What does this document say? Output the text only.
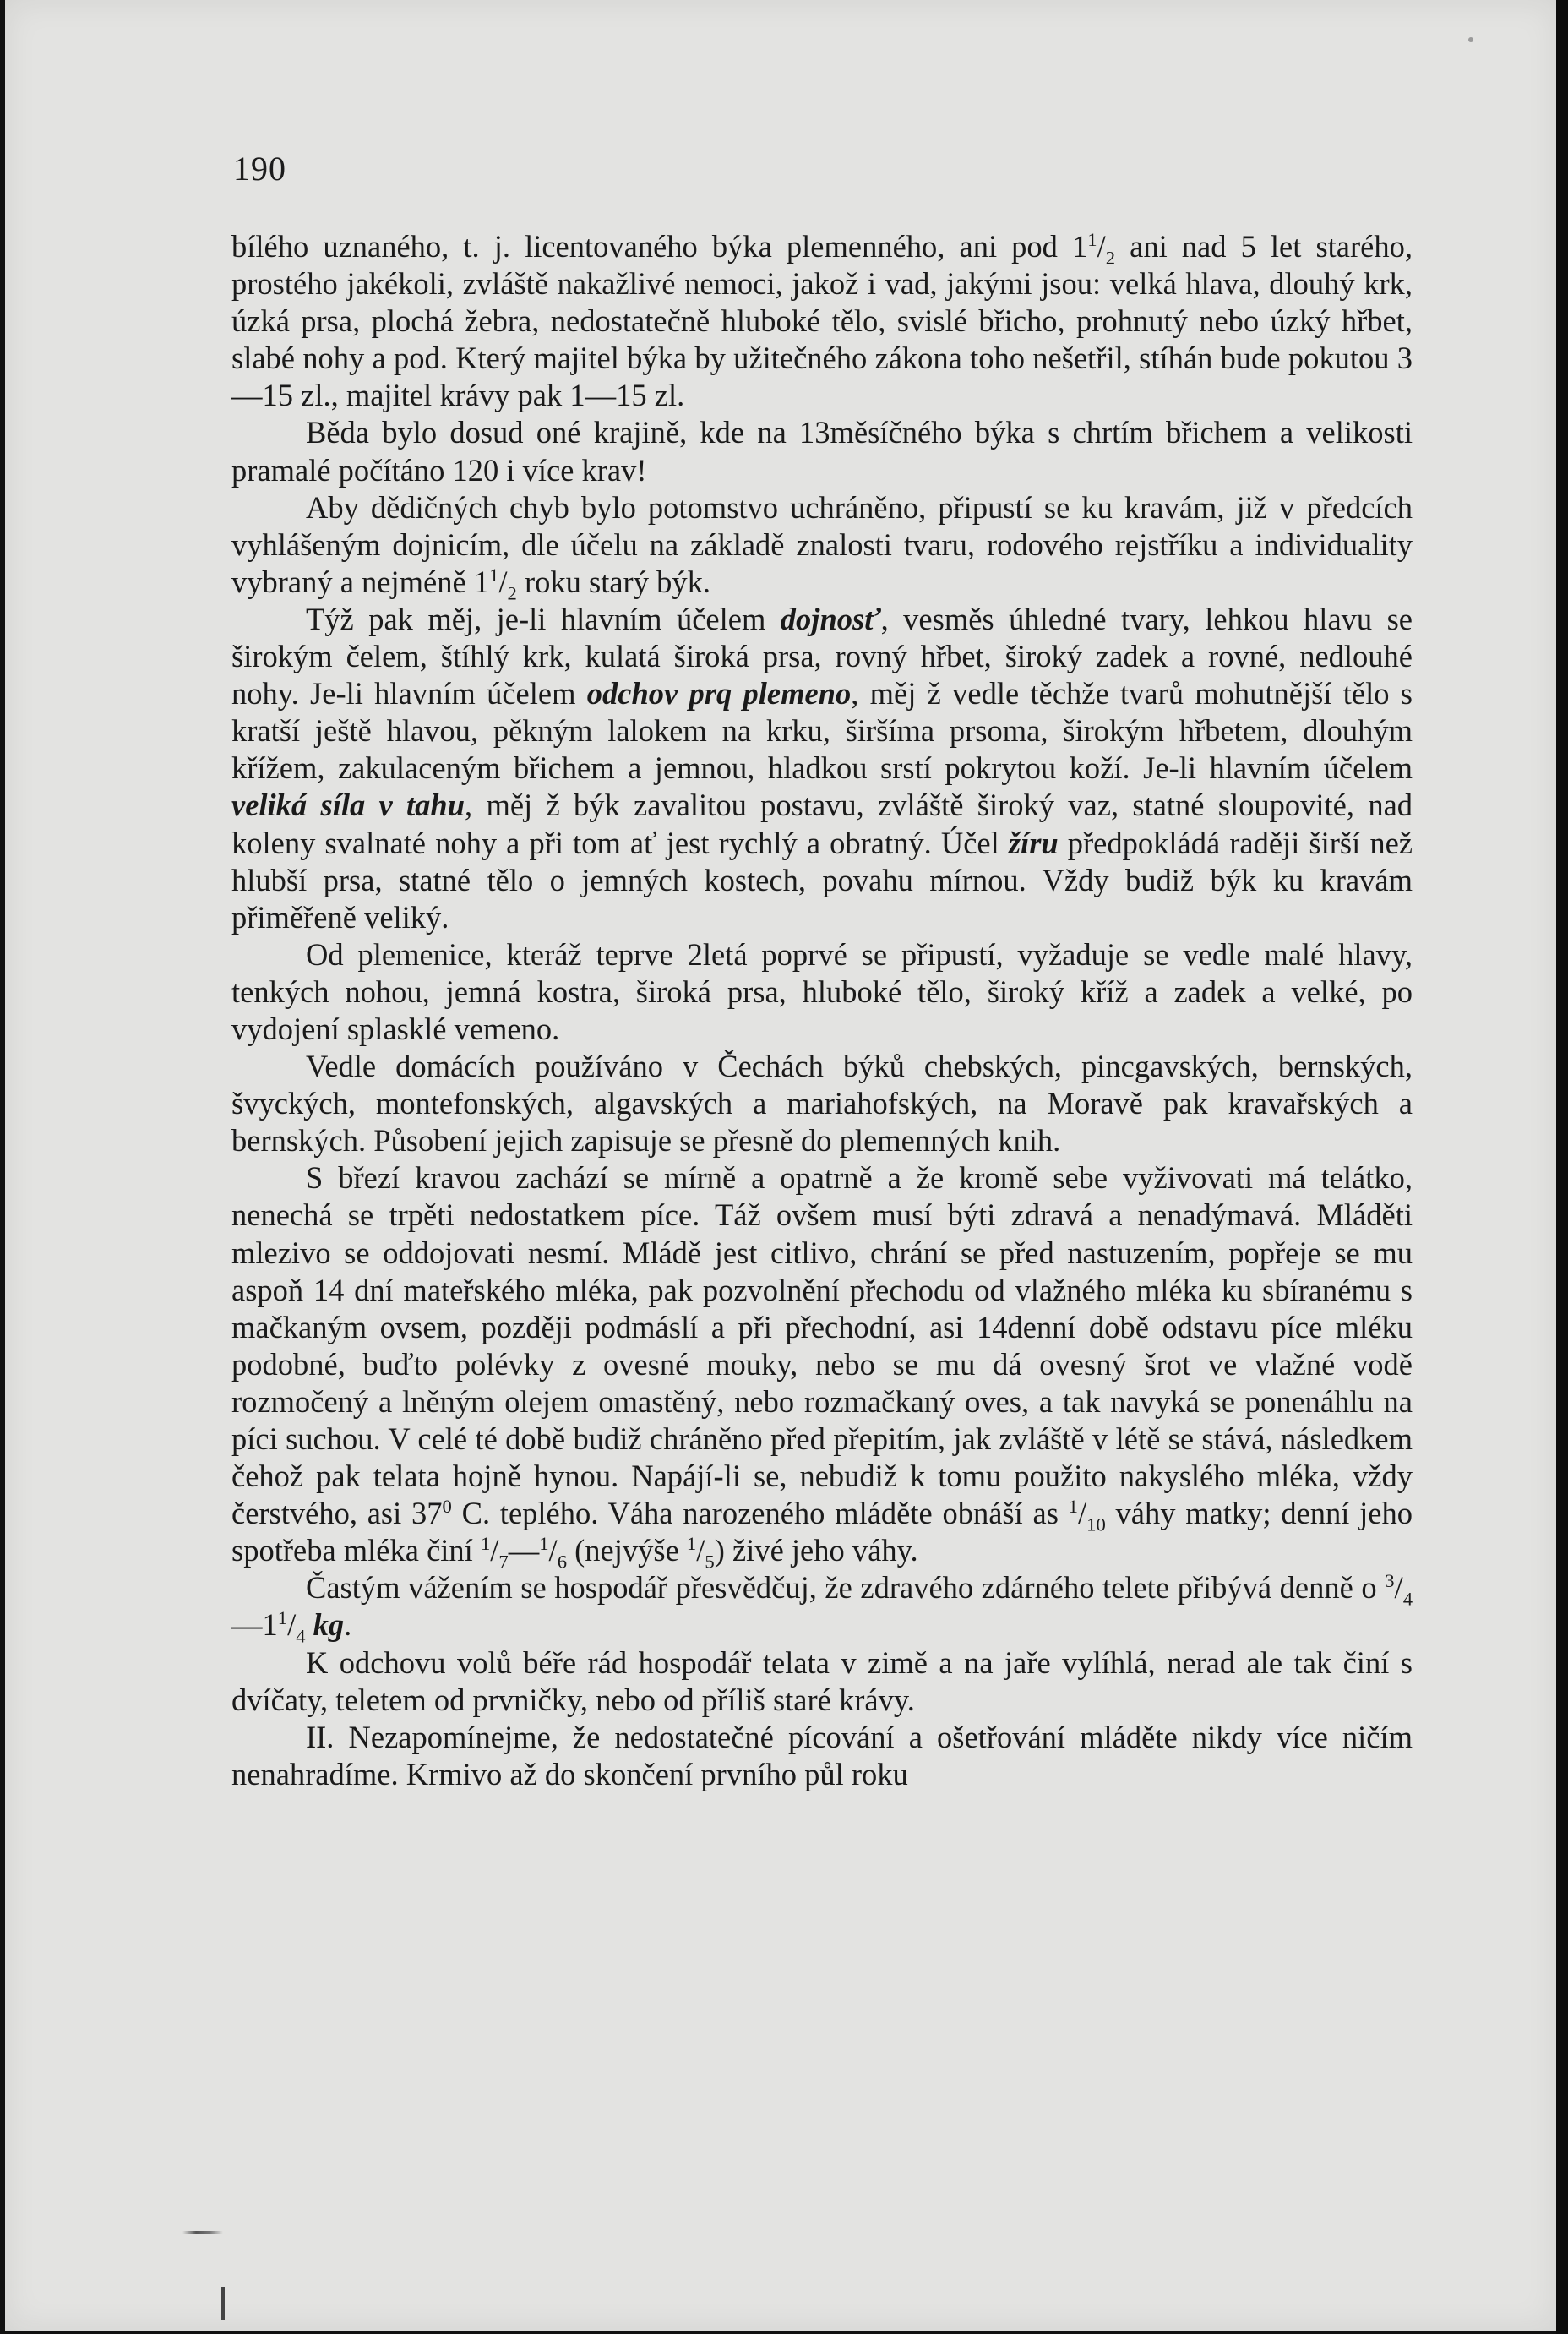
190

bílého uznaného, t. j. licentovaného býka plemenného, ani pod $1^1/_2$ ani nad 5 let starého, prostého jakékoli, zvláště nakažlivé nemoci, jakož i vad, jakými jsou: velká hlava, dlouhý krk, úzká prsa, plochá žebra, nedostatečně hluboké tělo, svislé břicho, prohnutý nebo úzký hřbet, slabé nohy a pod. Který majitel býka by užitečného zákona toho nešetřil, stíhán bude pokutou 3—15 zl., majitel krávy pak 1—15 zl.

Běda bylo dosud oné krajině, kde na 13měsíčného býka s chrtím břichem a velikosti pramalé počítáno 120 i více krav!

Aby dědičných chyb bylo potomstvo uchráněno, připustí se ku kravám, již v předcích vyhlášeným dojnicím, dle účelu na základě znalosti tvaru, rodového rejstříku a individuality vybraný a nejméně $1^1/_2$ roku starý býk.

Týž pak měj, je-li hlavním účelem dojnosť, vesměs úhledné tvary, lehkou hlavu se širokým čelem, štíhlý krk, kulatá široká prsa, rovný hřbet, široký zadek a rovné, nedlouhé nohy. Je-li hlavním účelem odchov prq plemeno, měj ž vedle těchže tvarů mohutnější tělo s kratší ještě hlavou, pěkným lalokem na krku, širšíma prsoma, širokým hřbetem, dlouhým křížem, zakulaceným břichem a jemnou, hladkou srstí pokrytou koží. Je-li hlavním účelem veliká síla v tahu, měj ž býk zavalitou postavu, zvláště široký vaz, statné sloupovité, nad koleny svalnaté nohy a při tom ať jest rychlý a obratný. Účel žíru předpokládá raději širší než hlubší prsa, statné tělo o jemných kostech, povahu mírnou. Vždy budiž býk ku kravám přiměřeně veliký.

Od plemenice, kteráž teprve 2letá poprvé se připustí, vyžaduje se vedle malé hlavy, tenkých nohou, jemná kostra, široká prsa, hluboké tělo, široký kříž a zadek a velké, po vydojení splasklé vemeno.

Vedle domácích používáno v Čechách býků chebských, pincgavských, bernských, švyckých, montefonských, algavských a mariahofských, na Moravě pak kravařských a bernských. Působení jejich zapisuje se přesně do plemenných knih.

S březí kravou zachází se mírně a opatrně a že kromě sebe vyživovati má telátko, nenechá se trpěti nedostatkem píce. Táž ovšem musí býti zdravá a nenadýmavá. Mláděti mlezivo se oddojovati nesmí. Mládě jest citlivo, chrání se před nastuzením, popřeje se mu aspoň 14 dní mateřského mléka, pak pozvolnění přechodu od vlažného mléka ku sbíranému s mačkaným ovsem, později podmáslí a při přechodní, asi 14denní době odstavu píce mléku podobné, buďto polévky z ovesné mouky, nebo se mu dá ovesný šrot ve vlažné vodě rozmočený a lněným olejem omastěný, nebo rozmačkaný oves, a tak navyká se ponenáhlu na píci suchou. V celé té době budiž chráněno před přepitím, jak zvláště v létě se stává, následkem čehož pak telata hojně hynou. Napájí-li se, nebudiž k tomu použito nakyslého mléka, vždy čerstvého, asi $37^0$ C. teplého. Váha narozeného mláděte obnáší as $^1/_{10}$ váhy matky; denní jeho spotřeba mléka činí $^1/_7—^1/_6$ (nejvýše $^1/_5$) živé jeho váhy.

Častým vážením se hospodář přesvědčuj, že zdravého zdárného telete přibývá denně o $^3/_4—1^1/_4$ kg.

K odchovu volů béře rád hospodář telata v zimě a na jaře vylíhlá, nerad ale tak činí s dvíčaty, teletem od prvničky, nebo od příliš staré krávy.

II. Nezapomínejme, že nedostatečné pícování a ošetřování mláděte nikdy více ničím nenahradíme. Krmivo až do skončení prvního půl roku
